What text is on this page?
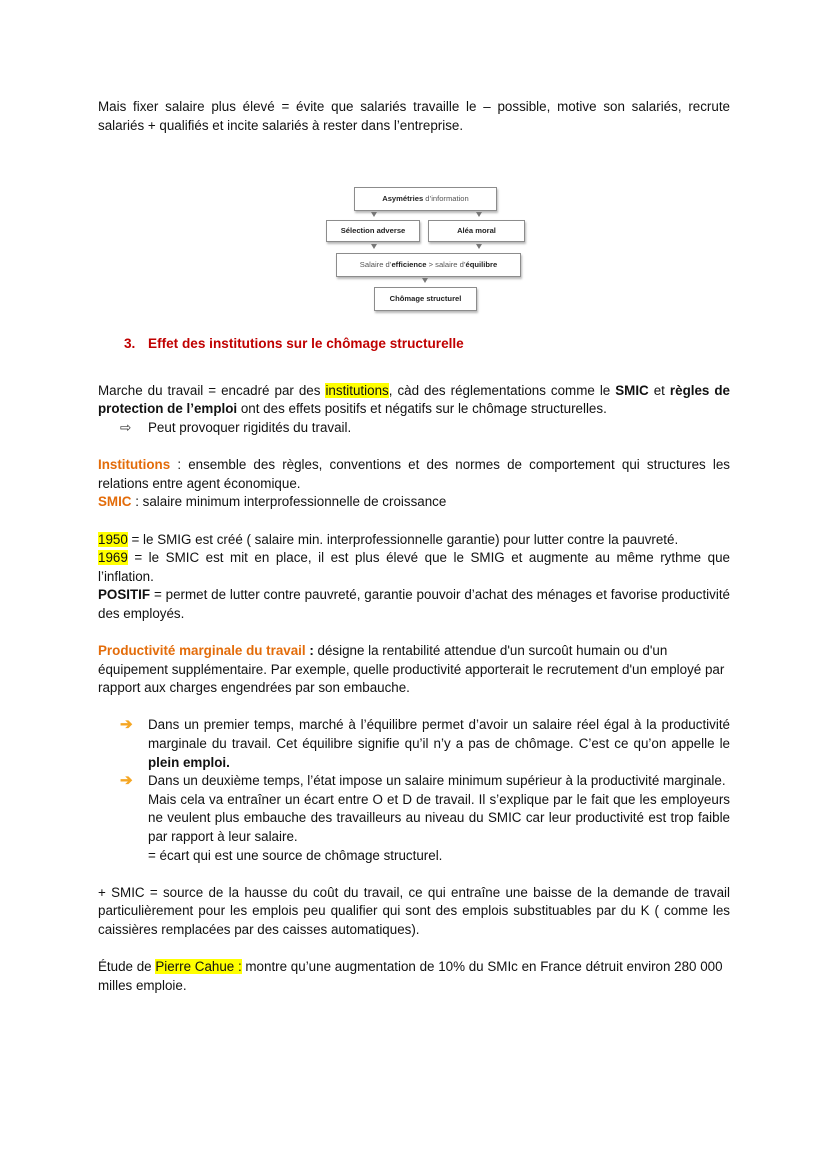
Mais fixer salaire plus élevé = évite que salariés travaille le – possible, motive son salariés, recrute salariés + qualifiés et incite salariés à rester dans l’entreprise.

Asymétries d’information
Sélection adverse	Aléa moral
Salaire d’efficience > salaire d’équilibre
Chômage structurel

3. Effet des institutions sur le chômage structurelle

Marche du travail = encadré par des institutions, càd des réglementations comme le SMIC et règles de protection de l’emploi ont des effets positifs et négatifs sur le chômage structurelles.

⇨ Peut provoquer rigidités du travail.

Institutions : ensemble des règles, conventions et des normes de comportement qui structures les relations entre agent économique.

SMIC : salaire minimum interprofessionnelle de croissance

1950 = le SMIG est créé ( salaire min. interprofessionnelle garantie) pour lutter contre la pauvreté.

1969 = le SMIC est mit en place, il est plus élevé que le SMIG et augmente au même rythme que l’inflation.

POSITIF = permet de lutter contre pauvreté, garantie pouvoir d’achat des ménages et favorise productivité des employés.

Productivité marginale du travail : désigne la rentabilité attendue d'un surcoût humain ou d'un équipement supplémentaire. Par exemple, quelle productivité apporterait le recrutement d'un employé par rapport aux charges engendrées par son embauche.

➔ Dans un premier temps, marché à l’équilibre permet d’avoir un salaire réel égal à la productivité marginale du travail. Cet équilibre signifie qu’il n’y a pas de chômage. C’est ce qu’on appelle le plein emploi.
➔ Dans un deuxième temps, l’état impose un salaire minimum supérieur à la productivité marginale.

Mais cela va entraîner un écart entre O et D de travail. Il s’explique par le fait que les employeurs ne veulent plus embauche des travailleurs au niveau du SMIC car leur productivité est trop faible par rapport à leur salaire.

= écart qui est une source de chômage structurel.

+ SMIC = source de la hausse du coût du travail, ce qui entraîne une baisse de la demande de travail particulièrement pour les emplois peu qualifier qui sont des emplois substituables par du K ( comme les caissières remplacées par des caisses automatiques).

Étude de Pierre Cahue : montre qu’une augmentation de 10% du SMIc en France détruit environ 280 000 milles emploie.
